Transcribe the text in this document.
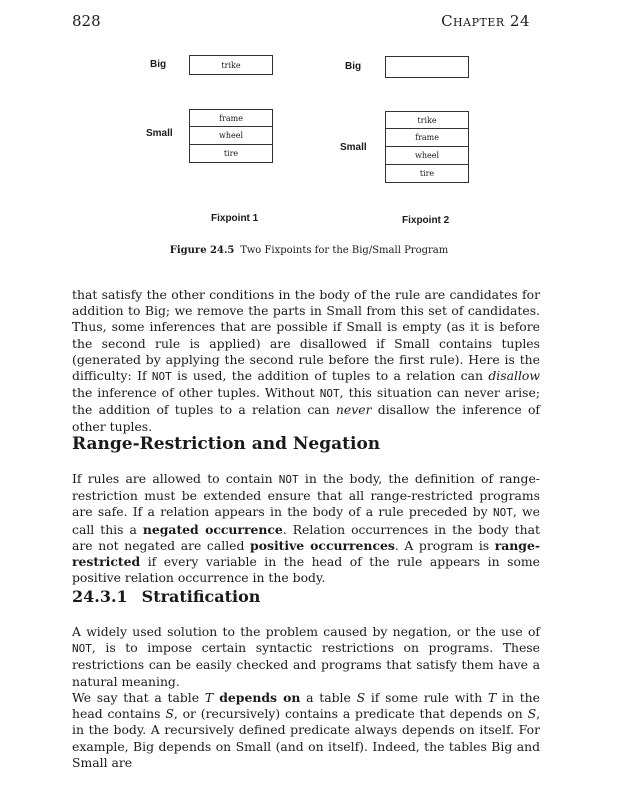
828	Chapter 24
Big	trike
Small
frame
wheel
tire
Fixpoint 1
Big
Small
trike
frame
wheel
tire
Fixpoint 2
Figure 24.5 Two Fixpoints for the Big/Small Program
that satisfy the other conditions in the body of the rule are candidates for addition to Big; we remove the parts in Small from this set of candidates. Thus, some inferences that are possible if Small is empty (as it is before the second rule is applied) are disallowed if Small contains tuples (generated by applying the second rule before the first rule). Here is the difficulty: If NOT is used, the addition of tuples to a relation can disallow the inference of other tuples. Without NOT, this situation can never arise; the addition of tuples to a relation can never disallow the inference of other tuples.
Range-Restriction and Negation
If rules are allowed to contain NOT in the body, the definition of range-restriction must be extended ensure that all range-restricted programs are safe. If a relation appears in the body of a rule preceded by NOT, we call this a negated occurrence. Relation occurrences in the body that are not negated are called positive occurrences. A program is range-restricted if every variable in the head of the rule appears in some positive relation occurrence in the body.
24.3.1 Stratification
A widely used solution to the problem caused by negation, or the use of NOT, is to impose certain syntactic restrictions on programs. These restrictions can be easily checked and programs that satisfy them have a natural meaning.
We say that a table T depends on a table S if some rule with T in the head contains S, or (recursively) contains a predicate that depends on S, in the body. A recursively defined predicate always depends on itself. For example, Big depends on Small (and on itself). Indeed, the tables Big and Small are
